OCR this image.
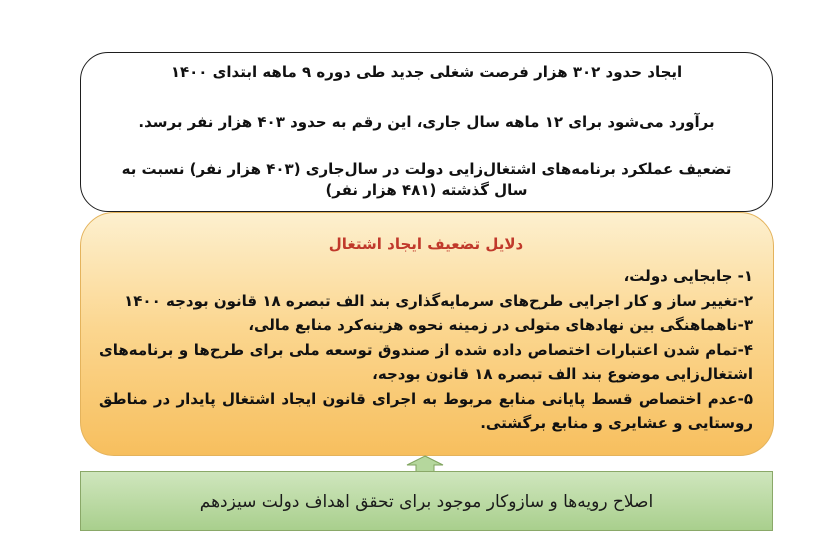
ایجاد حدود ۳۰۲ هزار فرصت شغلی جدید طی دوره ۹ ماهه ابتدای ۱۴۰۰
برآورد می‌شود برای ۱۲ ماهه سال جاری، این رقم به حدود ۴۰۳ هزار نفر برسد.
تضعیف عملکرد برنامه‌های اشتغال‌زایی دولت در سال‌جاری (۴۰۳ هزار نفر) نسبت به سال گذشته (۴۸۱ هزار نفر)
دلایل تضعیف ایجاد اشتغال
۱- جابجایی دولت،
۲-تغییر ساز و کار اجرایی طرح‌های سرمایه‌گذاری بند الف تبصره ۱۸ قانون بودجه ۱۴۰۰
۳-ناهماهنگی بین نهادهای متولی در زمینه نحوه هزینه‌کرد منابع مالی،
۴-تمام شدن اعتبارات اختصاص داده شده از صندوق توسعه ملی برای طرح‌ها و برنامه‌های اشتغال‌زایی موضوع بند الف تبصره ۱۸ قانون بودجه،
۵-عدم اختصاص قسط پایانی منابع مربوط به اجرای قانون ایجاد اشتغال پایدار در مناطق روستایی و عشایری و منابع برگشتی.
اصلاح رویه‌ها و سازوکار موجود برای تحقق اهداف دولت سیزدهم
